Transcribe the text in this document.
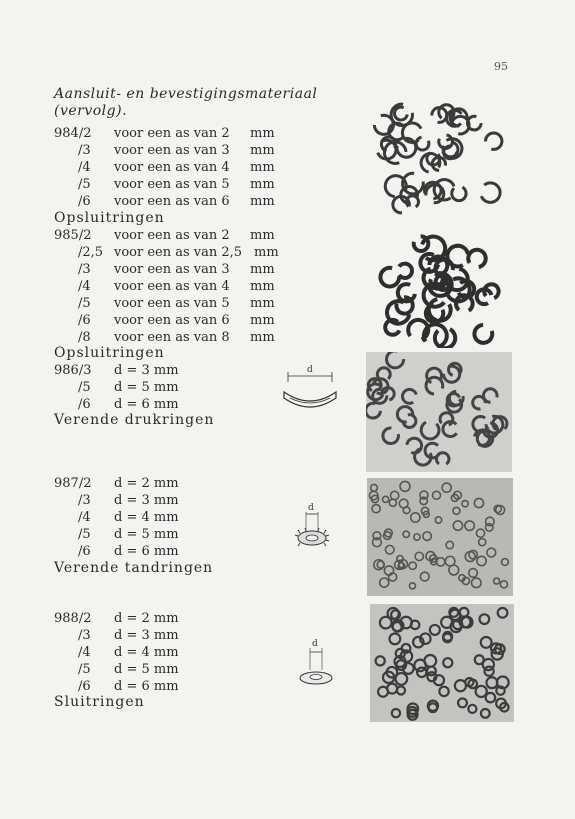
95
Aansluit- en bevestigingsmateriaal
(vervolg).
984/2 voor een as van 2 mm
/3 voor een as van 3 mm
/4 voor een as van 4 mm
/5 voor een as van 5 mm
/6 voor een as van 6 mm
Opsluitringen
985/2 voor een as van 2 mm
/2,5 voor een as van 2,5 mm
/3 voor een as van 3 mm
/4 voor een as van 4 mm
/5 voor een as van 5 mm
/6 voor een as van 6 mm
/8 voor een as van 8 mm
Opsluitringen
986/3 d = 3 mm
/5 d = 5 mm
/6 d = 6 mm
Verende drukringen
987/2 d = 2 mm
/3 d = 3 mm
/4 d = 4 mm
/5 d = 5 mm
/6 d = 6 mm
Verende tandringen
988/2 d = 2 mm
/3 d = 3 mm
/4 d = 4 mm
/5 d = 5 mm
/6 d = 6 mm
Sluitringen
d
d
d
